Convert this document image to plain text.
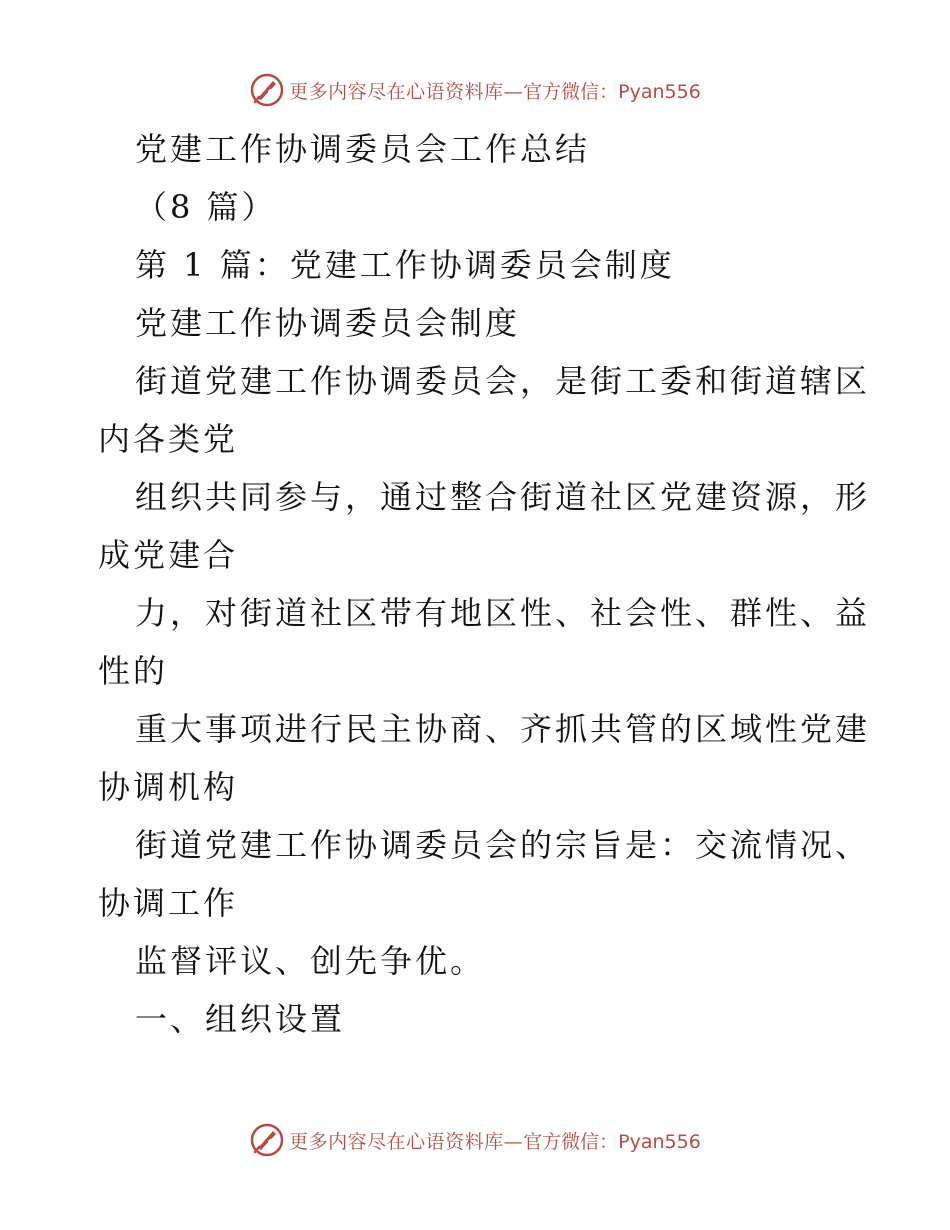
更多内容尽在心语资料库— 官方微信：Pyan556
党建工作协调委员会工作总结
（8 篇）
第 1 篇：党建工作协调委员会制度
党建工作协调委员会制度
街道党建工作协调委员会，是街工委和街道辖区
内各类党
组织共同参与，通过整合街道社区党建资源，形
成党建合
力，对街道社区带有地区性、社会性、群性、益
性的
重大事项进行民主协商、齐抓共管的区域性党建
协调机构
街道党建工作协调委员会的宗旨是：交流情况、
协调工作
监督评议、创先争优。
一、组织设置
更多内容尽在心语资料库— 官方微信：Pyan556
